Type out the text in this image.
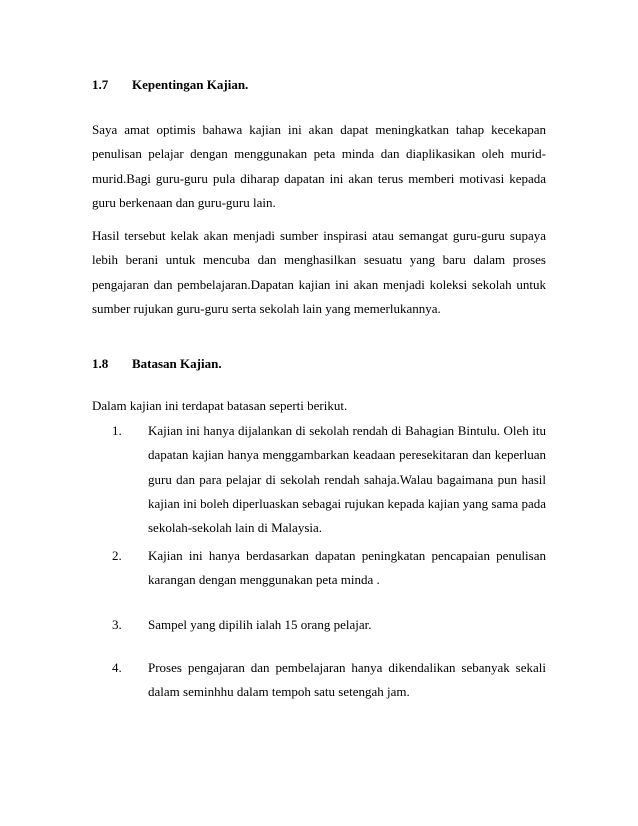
1.7 Kepentingan Kajian.

Saya amat optimis bahawa kajian ini akan dapat meningkatkan tahap kecekapan penulisan pelajar dengan menggunakan peta minda dan diaplikasikan oleh murid-murid.Bagi guru-guru pula diharap dapatan ini akan terus memberi motivasi kepada guru berkenaan dan guru-guru lain.

Hasil tersebut kelak akan menjadi sumber inspirasi atau semangat guru-guru supaya lebih berani untuk mencuba dan menghasilkan sesuatu yang baru dalam proses pengajaran dan pembelajaran.Dapatan kajian ini akan menjadi koleksi sekolah untuk sumber rujukan guru-guru serta sekolah lain yang memerlukannya.

1.8 Batasan Kajian.
Dalam kajian ini terdapat batasan seperti berikut.
1. Kajian ini hanya dijalankan di sekolah rendah di Bahagian Bintulu. Oleh itu dapatan kajian hanya menggambarkan keadaan peresekitaran dan keperluan guru dan para pelajar di sekolah rendah sahaja.Walau bagaimana pun hasil kajian ini boleh diperluaskan sebagai rujukan kepada kajian yang sama pada sekolah-sekolah lain di Malaysia.

2. Kajian ini hanya berdasarkan dapatan peningkatan pencapaian penulisan karangan dengan menggunakan peta minda .

3. Sampel yang dipilih ialah 15 orang pelajar.

4. Proses pengajaran dan pembelajaran hanya dikendalikan sebanyak sekali dalam seminhhu dalam tempoh satu setengah jam.
